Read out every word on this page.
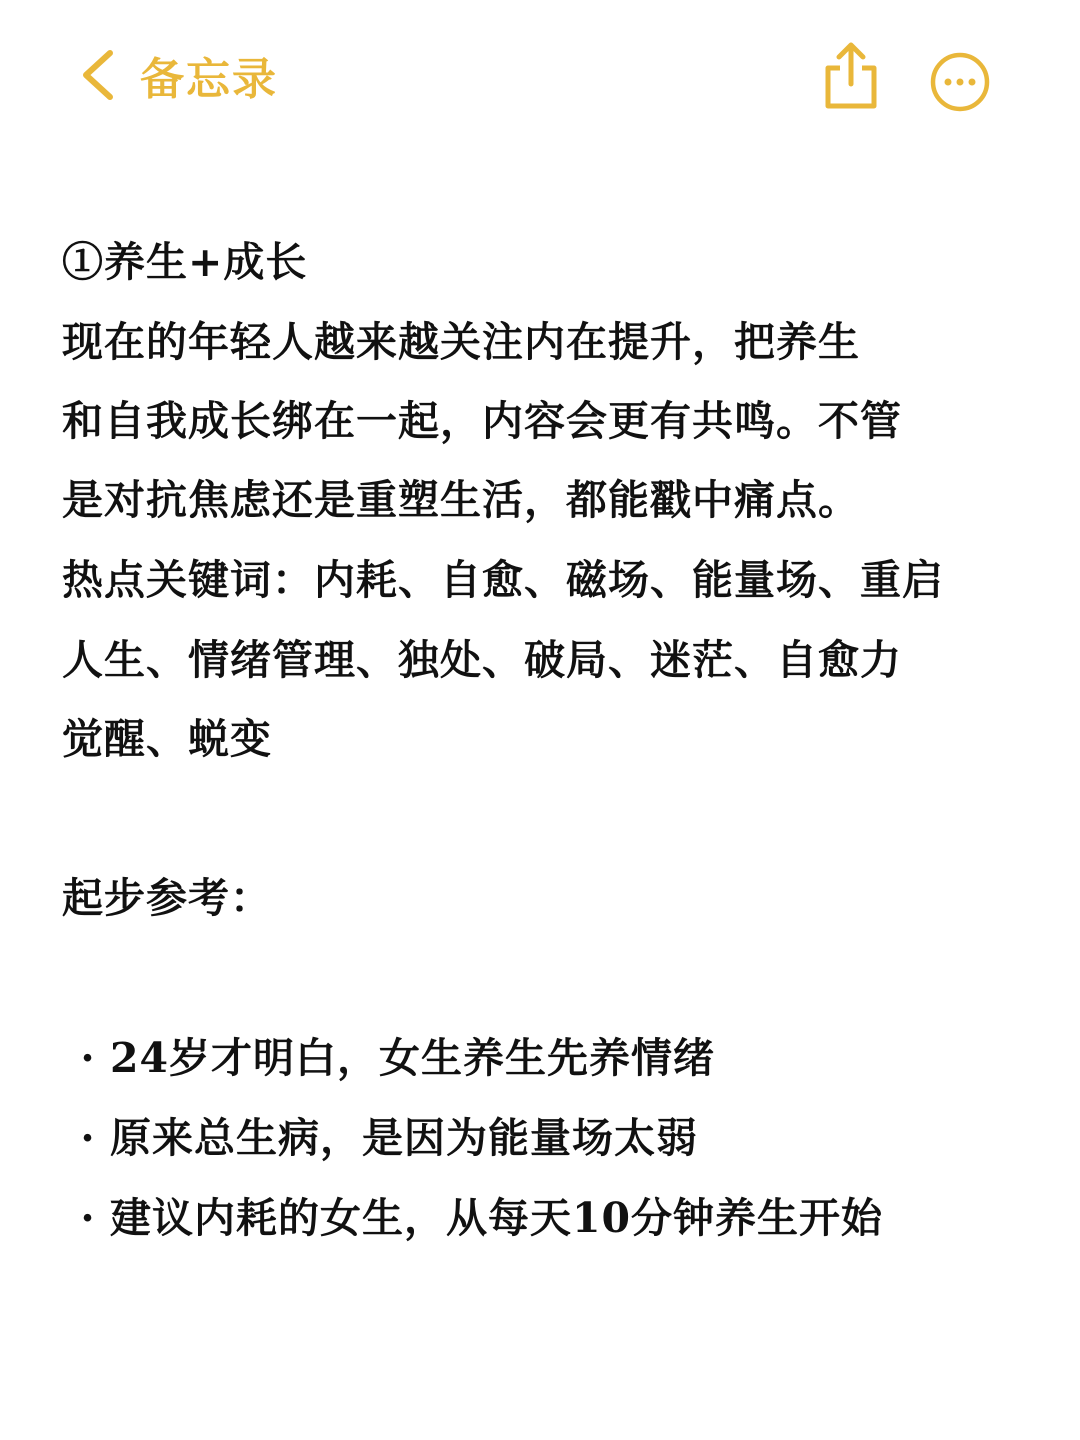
备忘录
①养生+成长
现在的年轻人越来越关注内在提升，把养生
和自我成长绑在一起，内容会更有共鸣。不管
是对抗焦虑还是重塑生活，都能戳中痛点。
热点关键词：内耗、自愈、磁场、能量场、重启
人生、情绪管理、独处、破局、迷茫、自愈力
觉醒、蜕变
起步参考：
· 24岁才明白，女生养生先养情绪
· 原来总生病，是因为能量场太弱
· 建议内耗的女生，从每天10分钟养生开始
